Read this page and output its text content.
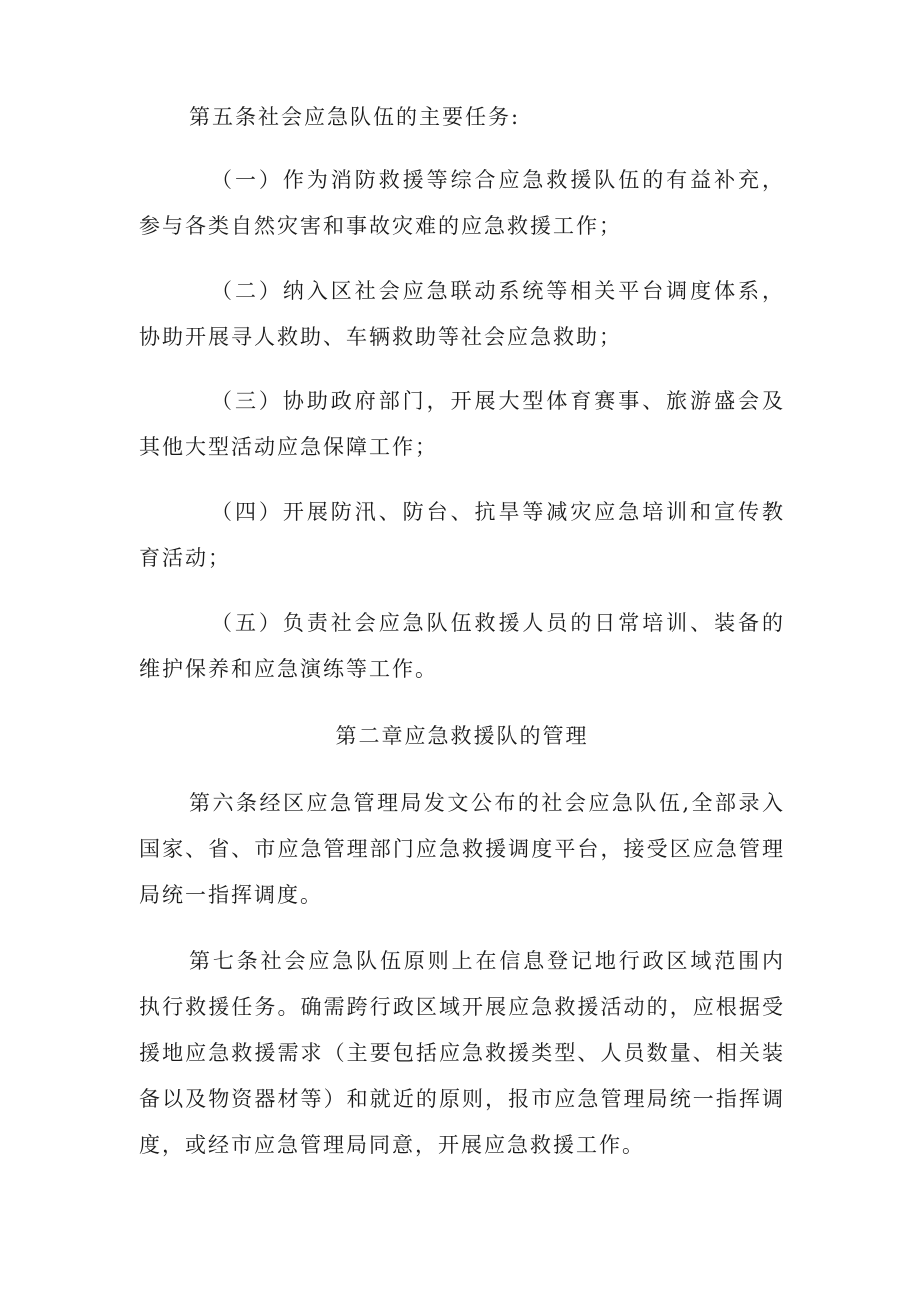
第五条社会应急队伍的主要任务:

（一）作为消防救援等综合应急救援队伍的有益补充，参与各类自然灾害和事故灾难的应急救援工作；

（二）纳入区社会应急联动系统等相关平台调度体系，协助开展寻人救助、车辆救助等社会应急救助；

（三）协助政府部门，开展大型体育赛事、旅游盛会及其他大型活动应急保障工作；

（四）开展防汛、防台、抗旱等减灾应急培训和宣传教育活动；

（五）负责社会应急队伍救援人员的日常培训、装备的维护保养和应急演练等工作。

第二章应急救援队的管理

第六条经区应急管理局发文公布的社会应急队伍,全部录入国家、省、市应急管理部门应急救援调度平台，接受区应急管理局统一指挥调度。

第七条社会应急队伍原则上在信息登记地行政区域范围内执行救援任务。确需跨行政区域开展应急救援活动的，应根据受援地应急救援需求（主要包括应急救援类型、人员数量、相关装备以及物资器材等）和就近的原则，报市应急管理局统一指挥调度，或经市应急管理局同意，开展应急救援工作。
